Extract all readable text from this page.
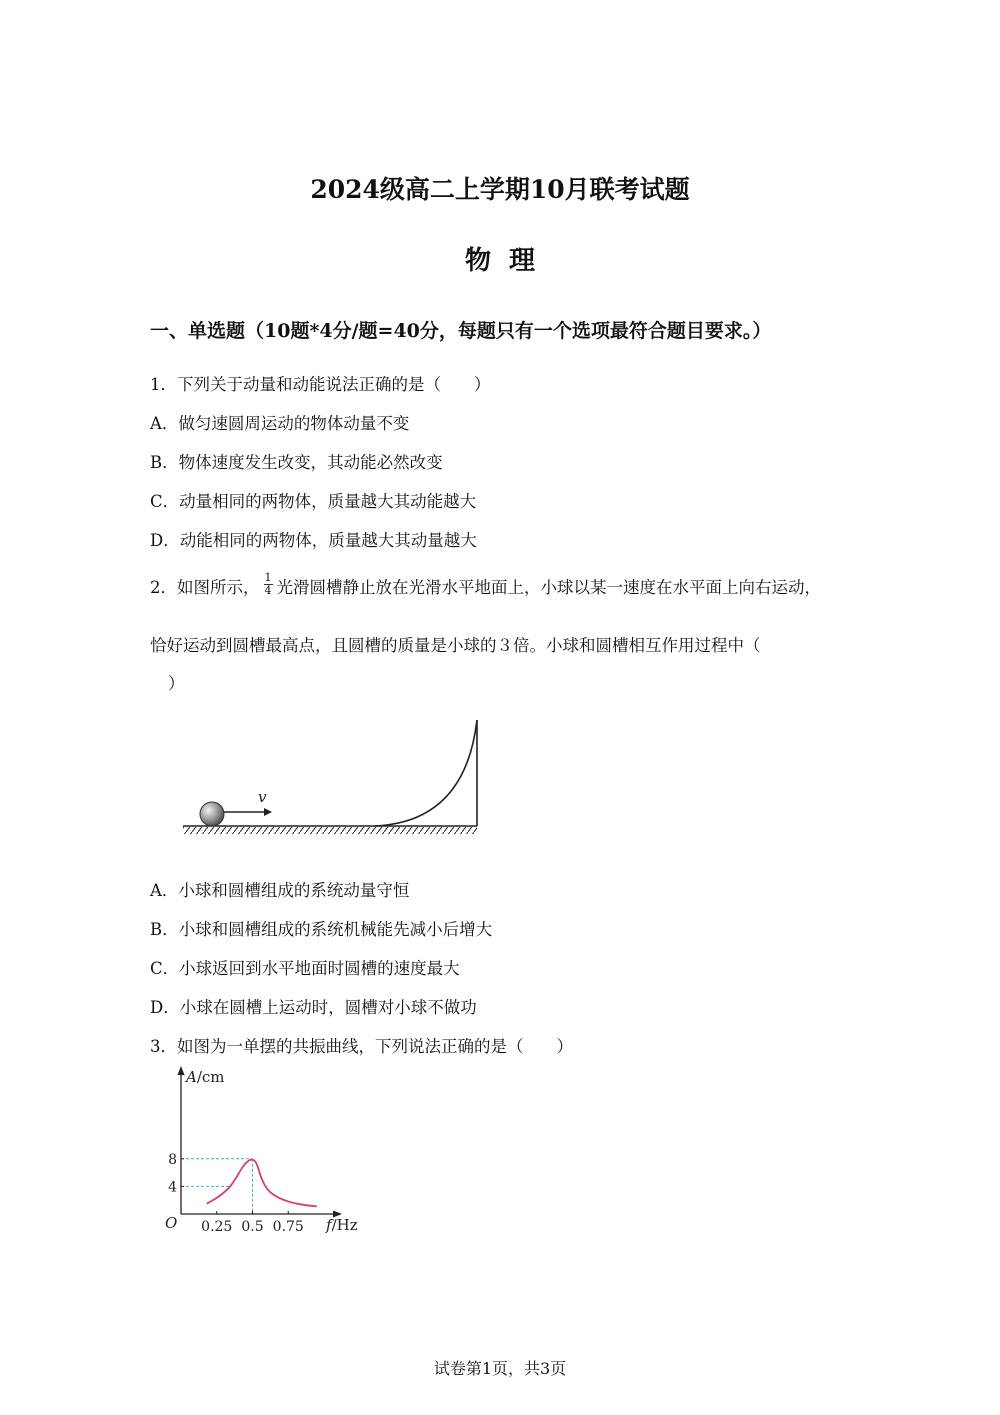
2024级高二上学期10月联考试题
物理
一、单选题（10题*4分/题=40分，每题只有一个选项最符合题目要求。）
1．下列关于动量和动能说法正确的是（　　）
A．做匀速圆周运动的物体动量不变
B．物体速度发生改变，其动能必然改变
C．动量相同的两物体，质量越大其动能越大
D．动能相同的两物体，质量越大其动量越大
2．如图所示， $\frac{1}{4}$ 光滑圆槽静止放在光滑水平地面上，小球以某一速度在水平面上向右运动，
恰好运动到圆槽最高点，且圆槽的质量是小球的３倍。小球和圆槽相互作用过程中（
）
v
A．小球和圆槽组成的系统动量守恒
B．小球和圆槽组成的系统机械能先减小后增大
C．小球返回到水平地面时圆槽的速度最大
D．小球在圆槽上运动时，圆槽对小球不做功
3．如图为一单摆的共振曲线，下列说法正确的是（　　）
0.25 0.5 0.75
4
8
A/cm
f/Hz
O
试卷第1页，共3页
